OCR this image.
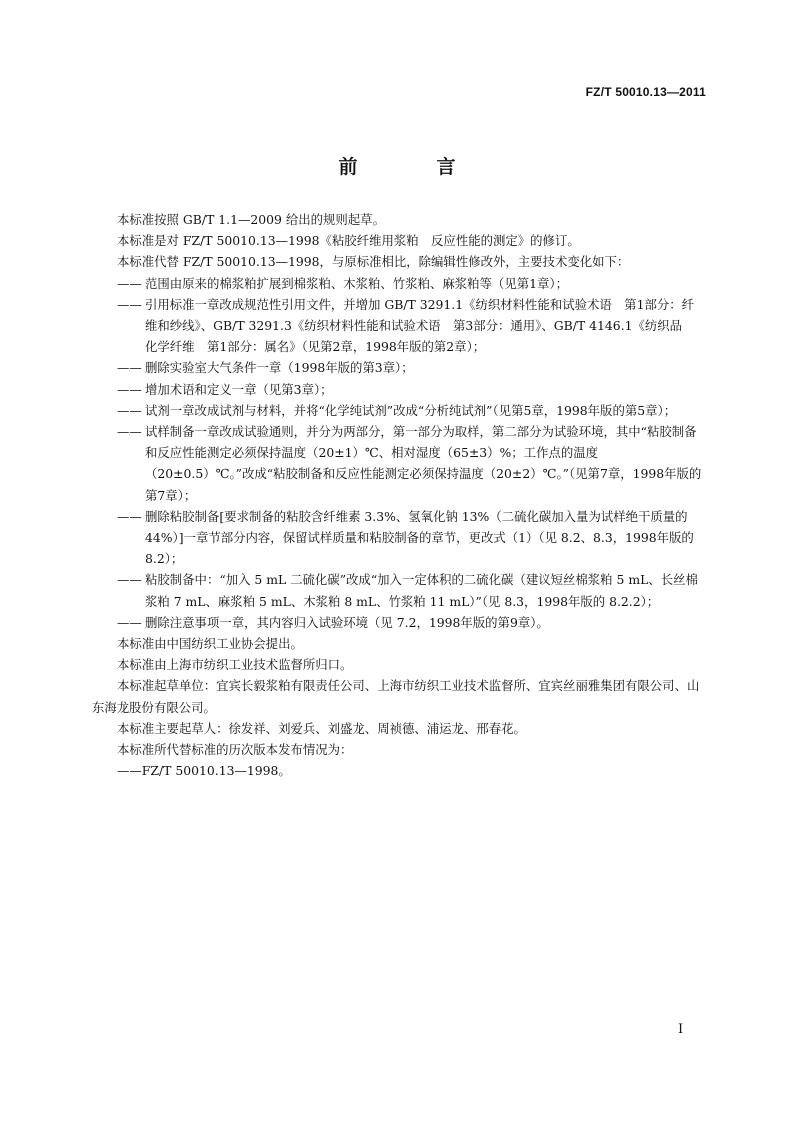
FZ/T 50010.13—2011
前　言

本标准按照 GB/T 1.1—2009 给出的规则起草。

本标准是对 FZ/T 50010.13—1998《粘胶纤维用浆粕　反应性能的测定》的修订。

本标准代替 FZ/T 50010.13—1998，与原标准相比，除编辑性修改外，主要技术变化如下：

—— 范围由原来的棉浆粕扩展到棉浆粕、木浆粕、竹浆粕、麻浆粕等（见第1章）；

—— 引用标准一章改成规范性引用文件，并增加 GB/T 3291.1《纺织材料性能和试验术语　第1部分：纤维和纱线》、GB/T 3291.3《纺织材料性能和试验术语　第3部分：通用》、GB/T 4146.1《纺织品　化学纤维　第1部分：属名》（见第2章，1998年版的第2章）；

—— 删除实验室大气条件一章（1998年版的第3章）；

—— 增加术语和定义一章（见第3章）；

—— 试剂一章改成试剂与材料，并将“化学纯试剂”改成“分析纯试剂”（见第5章，1998年版的第5章）；

—— 试样制备一章改成试验通则，并分为两部分，第一部分为取样，第二部分为试验环境，其中“粘胶制备和反应性能测定必须保持温度（20±1）℃、相对湿度（65±3）%；工作点的温度（20±0.5）℃。”改成“粘胶制备和反应性能测定必须保持温度（20±2）℃。”（见第7章，1998年版的第7章）；

—— 删除粘胶制备[要求制备的粘胶含纤维素 3.3%、氢氧化钠 13%（二硫化碳加入量为试样绝干质量的 44%）]一章节部分内容，保留试样质量和粘胶制备的章节，更改式（1）（见 8.2、8.3，1998年版的 8.2）；

—— 粘胶制备中：“加入 5 mL 二硫化碳”改成“加入一定体积的二硫化碳（建议短丝棉浆粕 5 mL、长丝棉浆粕 7 mL、麻浆粕 5 mL、木浆粕 8 mL、竹浆粕 11 mL）”（见 8.3，1998年版的 8.2.2）；

—— 删除注意事项一章，其内容归入试验环境（见 7.2，1998年版的第9章）。

本标准由中国纺织工业协会提出。

本标准由上海市纺织工业技术监督所归口。

本标准起草单位：宜宾长毅浆粕有限责任公司、上海市纺织工业技术监督所、宜宾丝丽雅集团有限公司、山东海龙股份有限公司。

本标准主要起草人：徐发祥、刘爱兵、刘盛龙、周祯德、浦运龙、邢春花。

本标准所代替标准的历次版本发布情况为：

——FZ/T 50010.13—1998。

I
